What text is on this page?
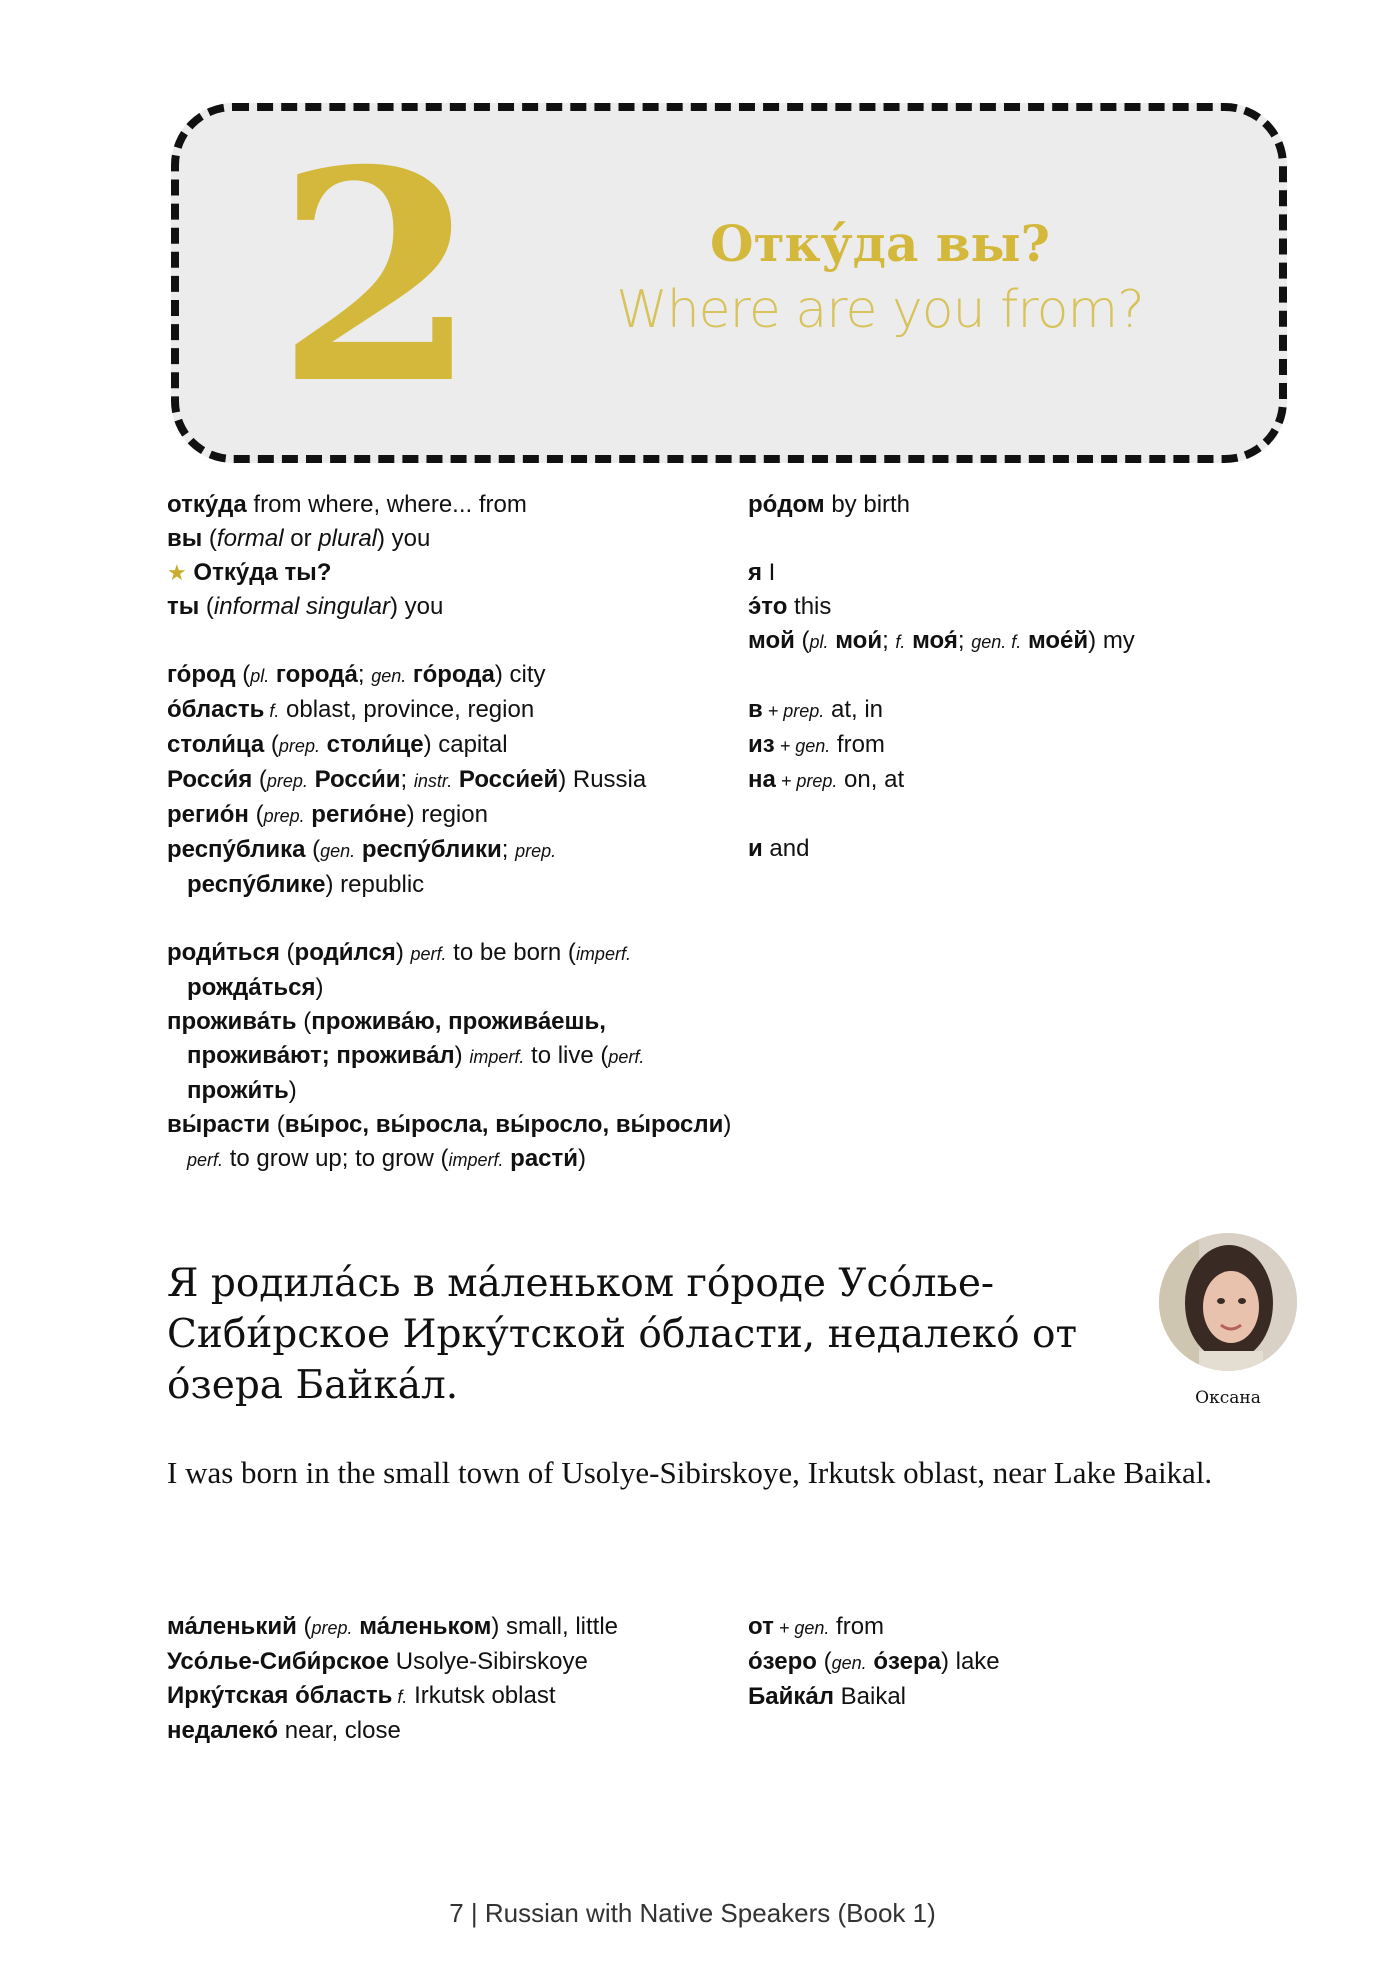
2	Отку́да вы?
Where are you from?
отку́да from where, where... from
вы (formal or plural) you
★ Отку́да ты?
ты (informal singular) you
го́род (pl. города́; gen. го́рода) city
о́бласть f. oblast, province, region
столи́ца (prep. столи́це) capital
Росси́я (prep. Росси́и; instr. Росси́ей) Russia
регио́н (prep. регио́не) region
респу́блика (gen. респу́блики; prep.
респу́блике) republic
роди́ться (роди́лся) perf. to be born (imperf.
рожда́ться)
прожива́ть (прожива́ю, прожива́ешь,
прожива́ют; прожива́л) imperf. to live (perf.
прожи́ть)
вы́расти (вы́рос, вы́росла, вы́росло, вы́росли)
perf. to grow up; to grow (imperf. расти́)
ро́дом by birth
я I
э́то this
мой (pl. мои́; f. моя́; gen. f. мое́й) my
в + prep. at, in
из + gen. from
на + prep. on, at
и and
Я родила́сь в ма́леньком го́роде Усо́лье-Сиби́рское Ирку́тской о́бласти, недалеко́ от о́зера Байка́л.	Оксана
I was born in the small town of Usolye-Sibirskoye, Irkutsk oblast, near Lake Baikal.
ма́ленький (prep. ма́леньком) small, little
Усо́лье-Сиби́рское Usolye-Sibirskoye
Ирку́тская о́бласть f. Irkutsk oblast
недалеко́ near, close
от + gen. from
о́зеро (gen. о́зера) lake
Байка́л Baikal
7 | Russian with Native Speakers (Book 1)
